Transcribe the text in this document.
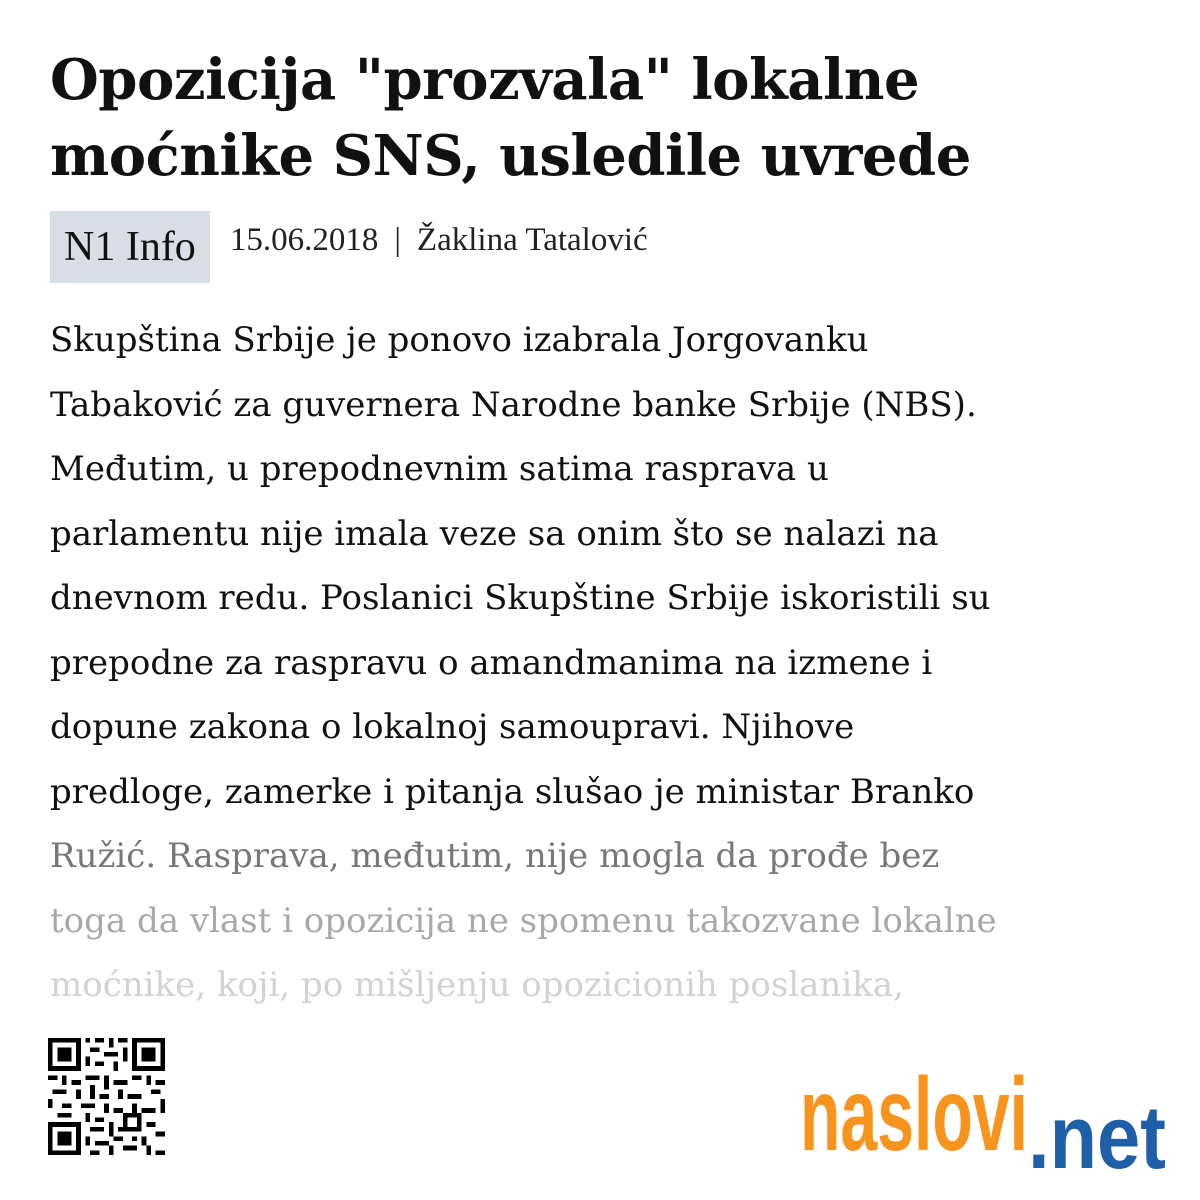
Opozicija "prozvala" lokalne moćnike SNS, usledile uvrede
N1 Info	15.06.2018 | Žaklina Tatalović

Skupština Srbije je ponovo izabrala Jorgovanku
Tabaković za guvernera Narodne banke Srbije (NBS).
Međutim, u prepodnevnim satima rasprava u
parlamentu nije imala veze sa onim što se nalazi na
dnevnom redu. Poslanici Skupštine Srbije iskoristili su
prepodne za raspravu o amandmanima na izmene i
dopune zakona o lokalnoj samoupravi. Njihove
predloge, zamerke i pitanja slušao je ministar Branko
Ružić. Rasprava, međutim, nije mogla da prođe bez
toga da vlast i opozicija ne spomenu takozvane lokalne
moćnike, koji, po mišljenju opozicionih poslanika,

naslovi .net
